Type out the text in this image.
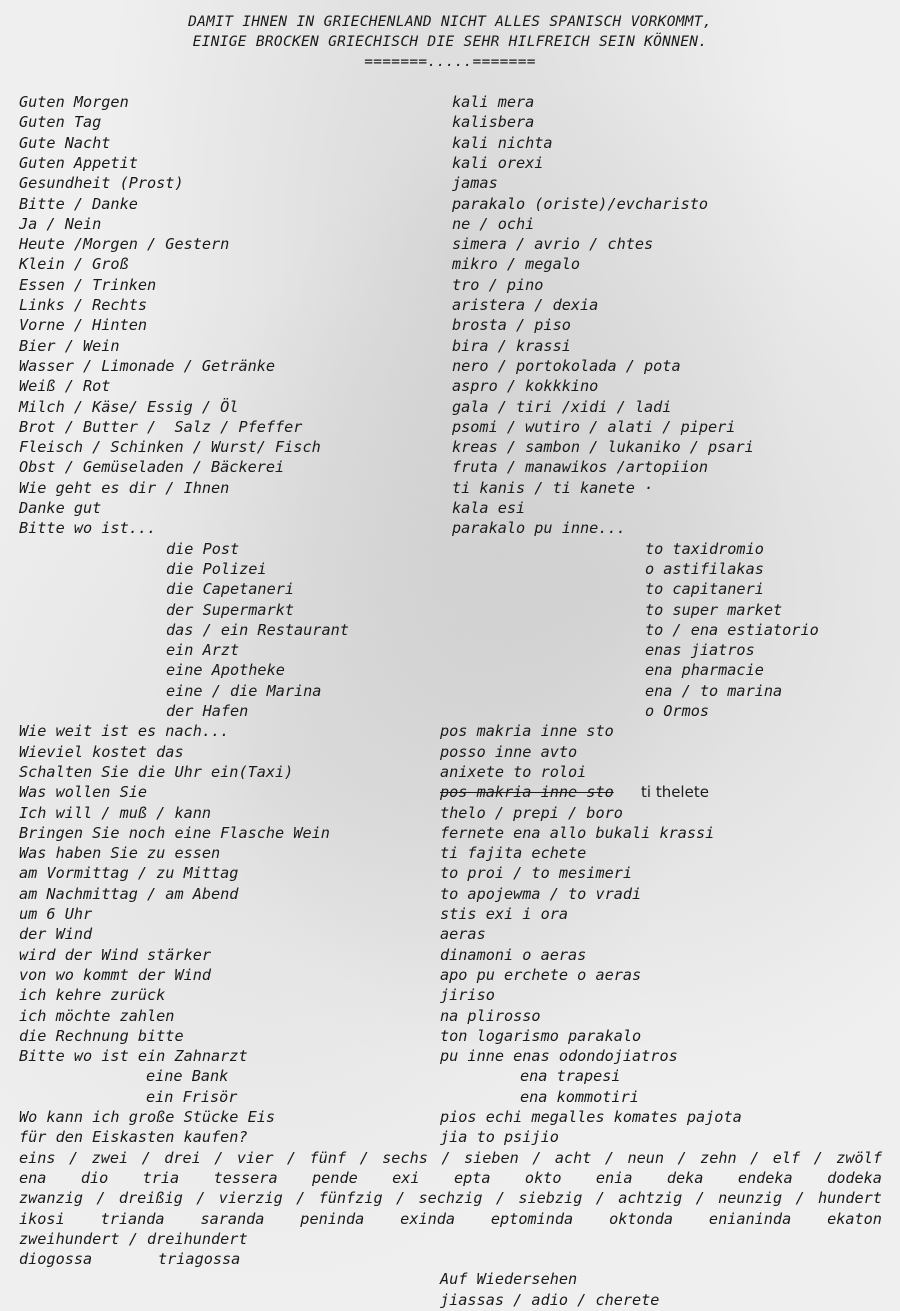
DAMIT IHNEN IN GRIECHENLAND NICHT ALLES SPANISCH VORKOMMT,
EINIGE BROCKEN GRIECHISCH DIE SEHR HILFREICH SEIN KÖNNEN.
=======.....=======
Guten Morgen	kali mera
Guten Tag	kalisbera
Gute Nacht	kali nichta
Guten Appetit	kali orexi
Gesundheit (Prost)	jamas
Bitte / Danke	parakalo (oriste)/evcharisto
Ja / Nein	ne / ochi
Heute /Morgen / Gestern	simera / avrio / chtes
Klein / Groß	mikro / megalo
Essen / Trinken	tro / pino
Links / Rechts	aristera / dexia
Vorne / Hinten	brosta / piso
Bier / Wein	bira / krassi
Wasser / Limonade / Getränke	nero / portokolada / pota
Weiß / Rot	aspro / kokkkino
Milch / Käse/ Essig / Öl	gala / tiri /xidi / ladi
Brot / Butter /  Salz / Pfeffer	psomi / wutiro / alati / piperi
Fleisch / Schinken / Wurst/ Fisch	kreas / sambon / lukaniko / psari
Obst / Gemüseladen / Bäckerei	fruta / manawikos /artopiion
Wie geht es dir / Ihnen	ti kanis / ti kanete ·
Danke gut	kala esi
Bitte wo ist...	parakalo pu inne...
die Post	to taxidromio
die Polizei	o astifilakas
die Capetaneri	to capitaneri
der Supermarkt	to super market
das / ein Restaurant	to / ena estiatorio
ein Arzt	enas jiatros
eine Apotheke	ena pharmacie
eine / die Marina	ena / to marina
der Hafen	o Ormos
Wie weit ist es nach...	pos makria inne sto
Wieviel kostet das	posso inne avto
Schalten Sie die Uhr ein(Taxi)	anixete to roloi
Was wollen Sie	pos makria inne sto ti thelete
Ich will / muß / kann	thelo / prepi / boro
Bringen Sie noch eine Flasche Wein	fernete ena allo bukali krassi
Was haben Sie zu essen	ti fajita echete
am Vormittag / zu Mittag	to proi / to mesimeri
am Nachmittag / am Abend	to apojewma / to vradi
um 6 Uhr	stis exi i ora
der Wind	aeras
wird der Wind stärker	dinamoni o aeras
von wo kommt der Wind	apo pu erchete o aeras
ich kehre zurück	jiriso
ich möchte zahlen	na plirosso
die Rechnung bitte	ton logarismo parakalo
Bitte wo ist ein Zahnarzt	pu inne enas odondojiatros
eine Bank	ena trapesi
ein Frisör	ena kommotiri
Wo kann ich große Stücke Eis	pios echi megalles komates pajota
für den Eiskasten kaufen?	jia to psijio
eins / zwei / drei / vier / fünf / sechs / sieben / acht / neun / zehn / elf / zwölf
ena dio tria tessera pende exi epta okto enia deka endeka dodeka
zwanzig / dreißig / vierzig / fünfzig / sechzig / siebzig / achtzig / neunzig / hundert
ikosi trianda saranda peninda exinda eptominda oktonda enianinda ekaton
zweihundert / dreihundert
diogossa	triagossa
Auf Wiedersehen
jiassas / adio / cherete
